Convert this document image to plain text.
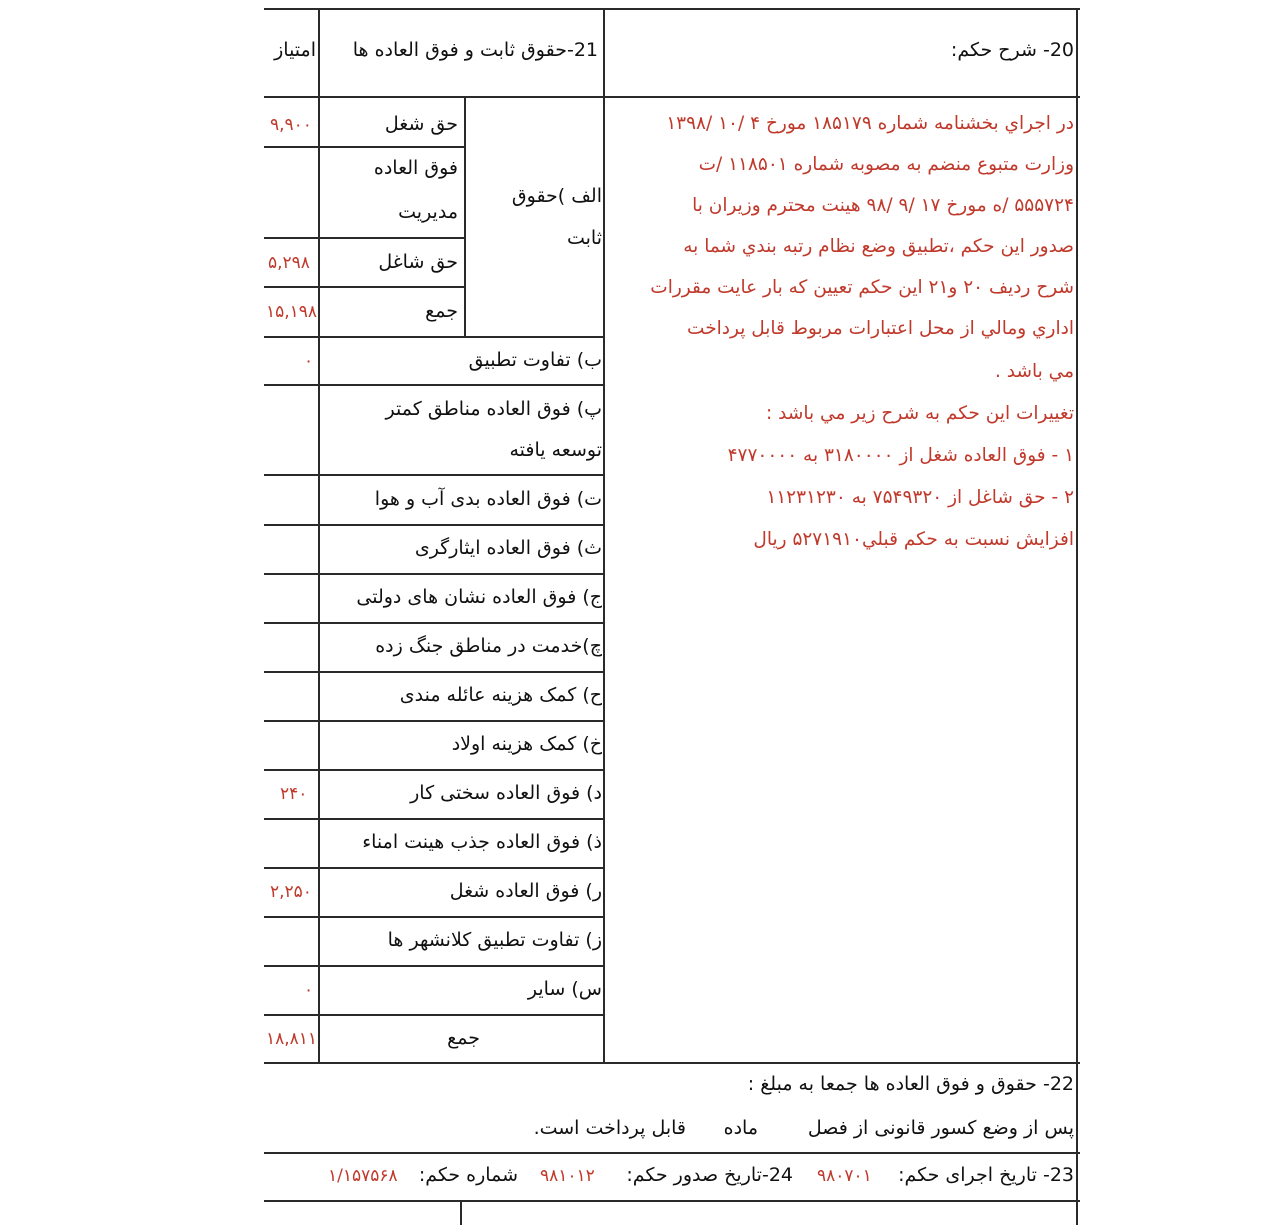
20- شرح حکم:
21-حقوق ثابت و فوق العاده ها
امتیاز
الف )حقوق
ثابت
حق شغل
۹,۹۰۰
فوق العاده
مدیریت
حق شاغل
۵,۲۹۸
جمع
۱۵,۱۹۸
ب) تفاوت تطبیق
۰
پ) فوق العاده مناطق کمتر
توسعه یافته
ت) فوق العاده بدی آب و هوا
ث) فوق العاده ایثارگری
ج) فوق العاده نشان های دولتی
چ)خدمت در مناطق جنگ زده
ح) کمک هزینه عائله مندی
خ) کمک هزینه اولاد
د) فوق العاده سختی کار
۲۴۰
ذ) فوق العاده جذب هینت امناء
ر) فوق العاده شغل
۲,۲۵۰
ز) تفاوت تطبیق کلانشهر ها
س) سایر
۰
جمع
۱۸,۸۱۱
در اجراي بخشنامه شماره ۱۸۵۱۷۹ مورخ ۴ /۱۰ /۱۳۹۸
وزارت متبوع منضم به مصوبه شماره ۱۱۸۵۰۱ /ت
۵۵۵۷۲۴ /ه مورخ ۱۷ /۹ /۹۸ هينت محترم وزيران با
صدور اين حکم ،تطبيق وضع نظام رتبه بندي شما به
شرح رديف ۲۰ و۲۱ اين حکم تعيين که بار عايت مقررات
اداري ومالي از محل اعتبارات مربوط قابل پرداخت
مي باشد .
تغييرات اين حکم به شرح زير مي باشد :
۱ - فوق العاده شغل از ۳۱۸۰۰۰۰ به ۴۷۷۰۰۰۰
۲ - حق شاغل از ۷۵۴۹۳۲۰ به ۱۱۲۳۱۲۳۰
افزايش نسبت به حکم قبلي۵۲۷۱۹۱۰ ريال
22- حقوق و فوق العاده ها جمعا به مبلغ :
پس از وضع کسور قانونی از فصل
ماده
قابل پرداخت است.
23- تاریخ اجرای حکم:
۹۸۰۷۰۱
24-تاریخ صدور حکم:
۹۸۱۰۱۲
شماره حکم:
۱/۱۵۷۵۶۸
